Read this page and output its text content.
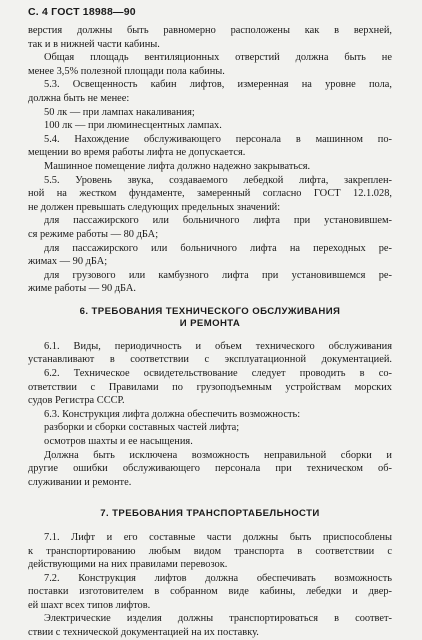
С. 4 ГОСТ 18988—90
верстия должны быть равномерно расположены как в верхней,
так и в нижней части кабины.
Общая площадь вентиляционных отверстий должна быть не
менее 3,5% полезной площади пола кабины.
5.3. Освещенность кабин лифтов, измеренная на уровне пола,
должна быть не менее:
50 лк — при лампах накаливания;
100 лк — при люминесцентных лампах.
5.4. Нахождение обслуживающего персонала в машинном по-
мещении во время работы лифта не допускается.
Машинное помещение лифта должно надежно закрываться.
5.5. Уровень звука, создаваемого лебедкой лифта, закреплен-
ной на жестком фундаменте, замеренный согласно ГОСТ 12.1.028,
не должен превышать следующих предельных значений:
для пассажирского или больничного лифта при установившем-
ся режиме работы — 80 дБА;
для пассажирского или больничного лифта на переходных ре-
жимах — 90 дБА;
для грузового или камбузного лифта при установившемся ре-
жиме работы — 90 дБА.
6. ТРЕБОВАНИЯ ТЕХНИЧЕСКОГО ОБСЛУЖИВАНИЯ
И РЕМОНТА
6.1. Виды, периодичность и объем технического обслуживания
устанавливают в соответствии с эксплуатационной документацией.
6.2. Техническое освидетельствование следует проводить в со-
ответствии с Правилами по грузоподъемным устройствам морских
судов Регистра СССР.
6.3. Конструкция лифта должна обеспечить возможность:
разборки и сборки составных частей лифта;
осмотров шахты и ее насыщения.
Должна быть исключена возможность неправильной сборки и
другие ошибки обслуживающего персонала при техническом об-
служивании и ремонте.
7. ТРЕБОВАНИЯ ТРАНСПОРТАБЕЛЬНОСТИ
7.1. Лифт и его составные части должны быть приспособлены
к транспортированию любым видом транспорта в соответствии с
действующими на них правилами перевозок.
7.2. Конструкция лифтов должна обеспечивать возможность
поставки изготовителем в собранном виде кабины, лебедки и двер-
ей шахт всех типов лифтов.
Электрические изделия должны транспортироваться в соответ-
ствии с технической документацией на их поставку.
